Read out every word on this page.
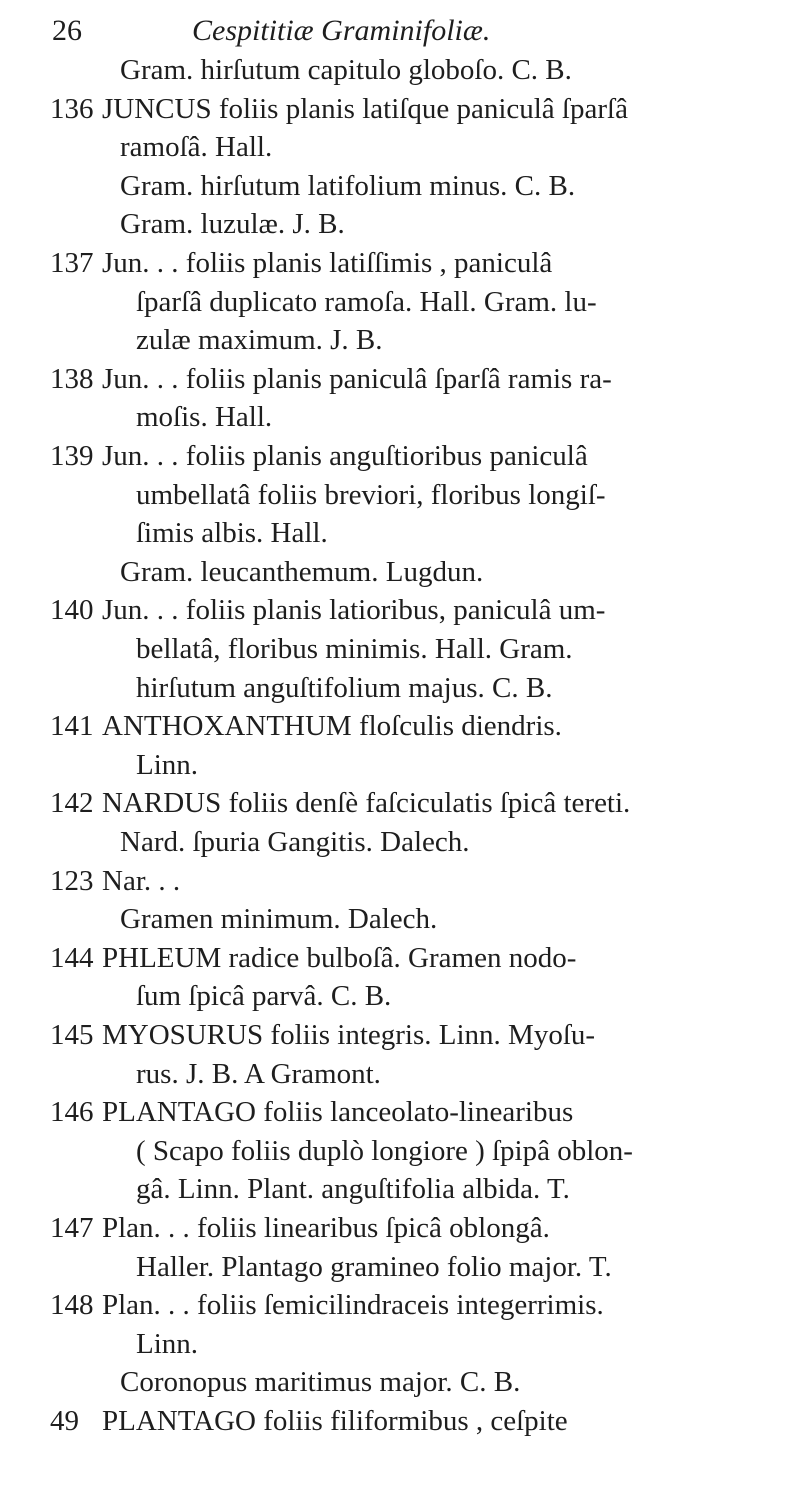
26	Cespititiæ Graminifoliæ.
Gram. hirſutum capitulo globoſo. C. B.
136 JUNCUS foliis planis latiſque paniculâ ſparſâ
ramoſâ. Hall.
Gram. hirſutum latifolium minus. C. B.
Gram. luzulæ. J. B.
137 Jun. . . foliis planis latiſſimis , paniculâ
ſparſâ duplicato ramoſa. Hall. Gram. lu-
zulæ maximum. J. B.
138 Jun. . . foliis planis paniculâ ſparſâ ramis ra-
moſis. Hall.
139 Jun. . . foliis planis anguſtioribus paniculâ
umbellatâ foliis breviori, floribus longiſ-
ſimis albis. Hall.
Gram. leucanthemum. Lugdun.
140 Jun. . . foliis planis latioribus, paniculâ um-
bellatâ, floribus minimis. Hall. Gram.
hirſutum anguſtifolium majus. C. B.
141 ANTHOXANTHUM floſculis diendris.
Linn.
142 NARDUS foliis denſè faſciculatis ſpicâ tereti.
Nard. ſpuria Gangitis. Dalech.
123 Nar. . .
Gramen minimum. Dalech.
144 PHLEUM radice bulboſâ. Gramen nodo-
ſum ſpicâ parvâ. C. B.
145 MYOSURUS foliis integris. Linn. Myoſu-
rus. J. B. A Gramont.
146 PLANTAGO foliis lanceolato-linearibus
( Scapo foliis duplò longiore ) ſpipâ oblon-
gâ. Linn. Plant. anguſtifolia albida. T.
147 Plan. . . foliis linearibus ſpicâ oblongâ.
Haller. Plantago gramineo folio major. T.
148 Plan. . . foliis ſemicilindraceis integerrimis.
Linn.
Coronopus maritimus major. C. B.
49 PLANTAGO foliis filiformibus , ceſpite
